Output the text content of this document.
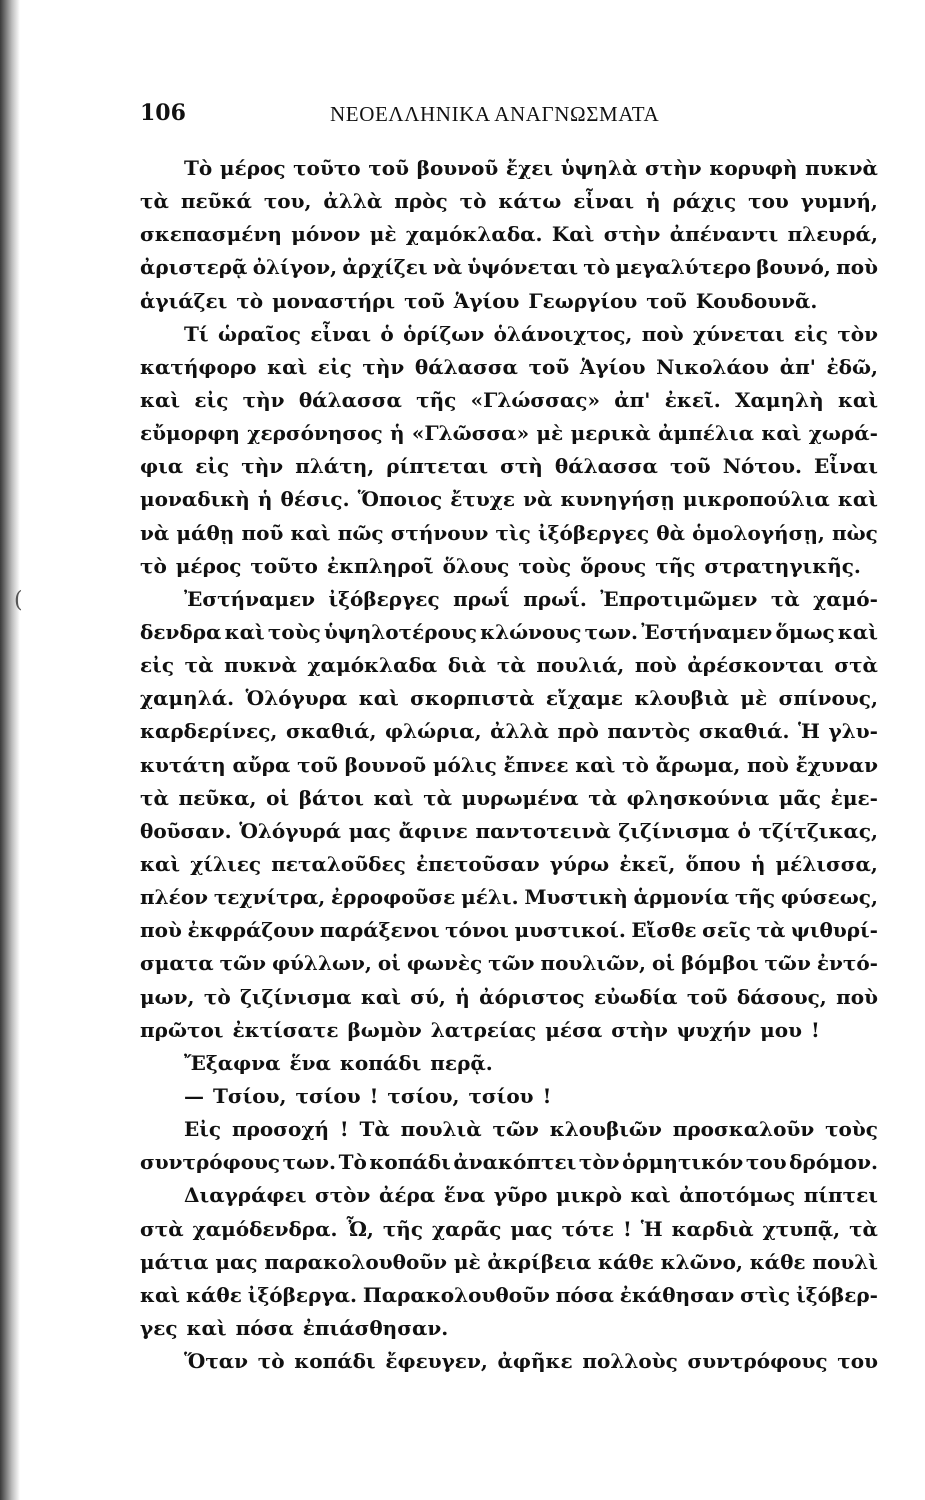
106	ΝΕΟΕΛΛΗΝΙΚΑ ΑΝΑΓΝΩΣΜΑΤΑ
Τὸ μέρος τοῦτο τοῦ βουνοῦ ἔχει ὑψηλὰ στὴν κορυφὴ πυκνὰ
τὰ πεῦκά του, ἀλλὰ πρὸς τὸ κάτω εἶναι ἡ ράχις του γυμνή,
σκεπασμένη μόνον μὲ χαμόκλαδα. Καὶ στὴν ἀπέναντι πλευρά,
ἀριστερᾷ ὀλίγον, ἀρχίζει νὰ ὑψόνεται τὸ μεγαλύτερο βουνό, ποὺ
ἁγιάζει τὸ μοναστήρι τοῦ Ἁγίου Γεωργίου τοῦ Κουδουνᾶ.
Τί ὡραῖος εἶναι ὁ ὁρίζων ὁλάνοιχτος, ποὺ χύνεται εἰς τὸν
κατήφορο καὶ εἰς τὴν θάλασσα τοῦ Ἁγίου Νικολάου ἀπ' ἐδῶ,
καὶ εἰς τὴν θάλασσα τῆς «Γλώσσας» ἀπ' ἐκεῖ. Χαμηλὴ καὶ
εὔμορφη χερσόνησος ἡ «Γλῶσσα» μὲ μερικὰ ἀμπέλια καὶ χωρά-
φια εἰς τὴν πλάτη, ρίπτεται στὴ θάλασσα τοῦ Νότου. Εἶναι
μοναδικὴ ἡ θέσις. Ὅποιος ἔτυχε νὰ κυνηγήσῃ μικροπούλια καὶ
νὰ μάθῃ ποῦ καὶ πῶς στήνουν τὶς ἰξόβεργες θὰ ὁμολογήσῃ, πὼς
τὸ μέρος τοῦτο ἐκπληροῖ ὅλους τοὺς ὅρους τῆς στρατηγικῆς.
Ἐστήναμεν ἰξόβεργες πρωΐ πρωΐ. Ἐπροτιμῶμεν τὰ χαμό-
δενδρα καὶ τοὺς ὑψηλοτέρους κλώνους των. Ἐστήναμεν ὅμως καὶ
εἰς τὰ πυκνὰ χαμόκλαδα διὰ τὰ πουλιά, ποὺ ἀρέσκονται στὰ
χαμηλά. Ὁλόγυρα καὶ σκορπιστὰ εἴχαμε κλουβιὰ μὲ σπίνους,
καρδερίνες, σκαθιά, φλώρια, ἀλλὰ πρὸ παντὸς σκαθιά. Ἡ γλυ-
κυτάτη αὔρα τοῦ βουνοῦ μόλις ἔπνεε καὶ τὸ ἄρωμα, ποὺ ἔχυναν
τὰ πεῦκα, οἱ βάτοι καὶ τὰ μυρωμένα τὰ φλησκούνια μᾶς ἐμε-
θοῦσαν. Ὁλόγυρά μας ἄφινε παντοτεινὰ ζιζίνισμα ὁ τζίτζικας,
καὶ χίλιες πεταλοῦδες ἐπετοῦσαν γύρω ἐκεῖ, ὅπου ἡ μέλισσα,
πλέον τεχνίτρα, ἐρροφοῦσε μέλι. Μυστικὴ ἁρμονία τῆς φύσεως,
ποὺ ἐκφράζουν παράξενοι τόνοι μυστικοί. Εἴσθε σεῖς τὰ ψιθυρί-
σματα τῶν φύλλων, οἱ φωνὲς τῶν πουλιῶν, οἱ βόμβοι τῶν ἐντό-
μων, τὸ ζιζίνισμα καὶ σύ, ἡ ἀόριστος εὐωδία τοῦ δάσους, ποὺ
πρῶτοι ἐκτίσατε βωμὸν λατρείας μέσα στὴν ψυχήν μου !
Ἔξαφνα ἕνα κοπάδι περᾷ.
— Τσίου, τσίου ! τσίου, τσίου !
Εἰς προσοχή ! Τὰ πουλιὰ τῶν κλουβιῶν προσκαλοῦν τοὺς
συντρόφους των. Τὸ κοπάδι ἀνακόπτει τὸν ὁρμητικόν του δρόμον.
Διαγράφει στὸν ἀέρα ἕνα γῦρο μικρὸ καὶ ἀποτόμως πίπτει
στὰ χαμόδενδρα. Ὦ, τῆς χαρᾶς μας τότε ! Ἡ καρδιὰ χτυπᾷ, τὰ
μάτια μας παρακολουθοῦν μὲ ἀκρίβεια κάθε κλῶνο, κάθε πουλὶ
καὶ κάθε ἰξόβεργα. Παρακολουθοῦν πόσα ἐκάθησαν στὶς ἰξόβερ-
γες καὶ πόσα ἐπιάσθησαν.
Ὅταν τὸ κοπάδι ἔφευγεν, ἀφῆκε πολλοὺς συντρόφους του
(
